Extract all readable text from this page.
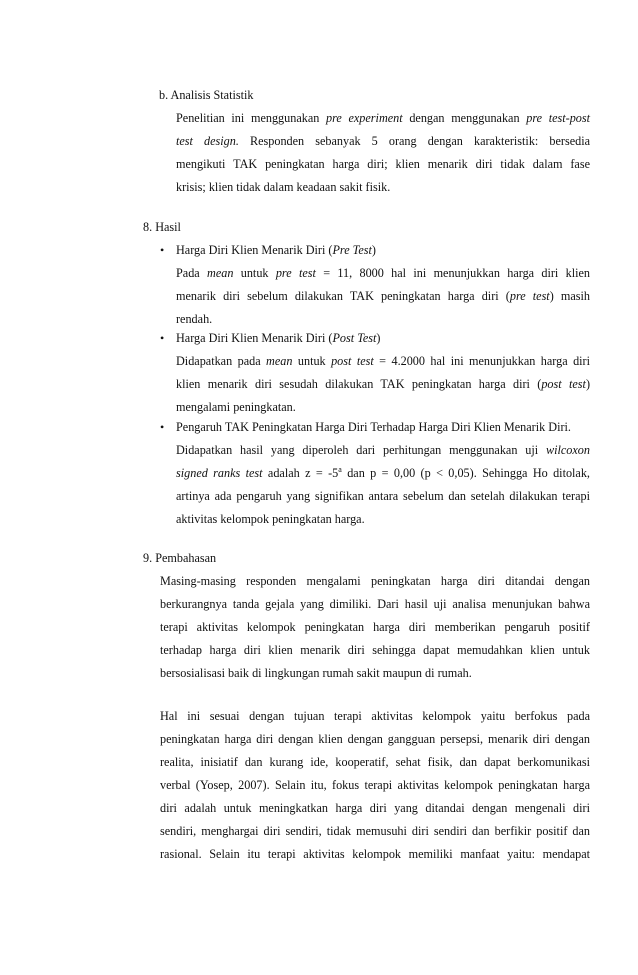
b. Analisis Statistik
Penelitian ini menggunakan pre experiment dengan menggunakan pre test-post
test design. Responden sebanyak 5 orang dengan karakteristik: bersedia
mengikuti TAK peningkatan harga diri; klien menarik diri tidak dalam fase
krisis; klien tidak dalam keadaan sakit fisik.
8. Hasil
• Harga Diri Klien Menarik Diri (Pre Test)
Pada mean untuk pre test = 11, 8000 hal ini menunjukkan harga diri klien
menarik diri sebelum dilakukan TAK peningkatan harga diri (pre test) masih
rendah.
• Harga Diri Klien Menarik Diri (Post Test)
Didapatkan pada mean untuk post test = 4.2000 hal ini menunjukkan harga diri
klien menarik diri sesudah dilakukan TAK peningkatan harga diri (post test)
mengalami peningkatan.
• Pengaruh TAK Peningkatan Harga Diri Terhadap Harga Diri Klien Menarik Diri.
Didapatkan hasil yang diperoleh dari perhitungan menggunakan uji wilcoxon
signed ranks test adalah $z = -5^a$ dan p = 0,00 (p < 0,05). Sehingga Ho ditolak,
artinya ada pengaruh yang signifikan antara sebelum dan setelah dilakukan terapi
aktivitas kelompok peningkatan harga.
9. Pembahasan
Masing-masing responden mengalami peningkatan harga diri ditandai dengan
berkurangnya tanda gejala yang dimiliki. Dari hasil uji analisa menunjukan bahwa
terapi aktivitas kelompok peningkatan harga diri memberikan pengaruh positif
terhadap harga diri klien menarik diri sehingga dapat memudahkan klien untuk
bersosialisasi baik di lingkungan rumah sakit maupun di rumah.
Hal ini sesuai dengan tujuan terapi aktivitas kelompok yaitu berfokus pada
peningkatan harga diri dengan klien dengan gangguan persepsi, menarik diri dengan
realita, inisiatif dan kurang ide, kooperatif, sehat fisik, dan dapat berkomunikasi
verbal (Yosep, 2007). Selain itu, fokus terapi aktivitas kelompok peningkatan harga
diri adalah untuk meningkatkan harga diri yang ditandai dengan mengenali diri
sendiri, menghargai diri sendiri, tidak memusuhi diri sendiri dan berfikir positif dan
rasional. Selain itu terapi aktivitas kelompok memiliki manfaat yaitu: mendapat
